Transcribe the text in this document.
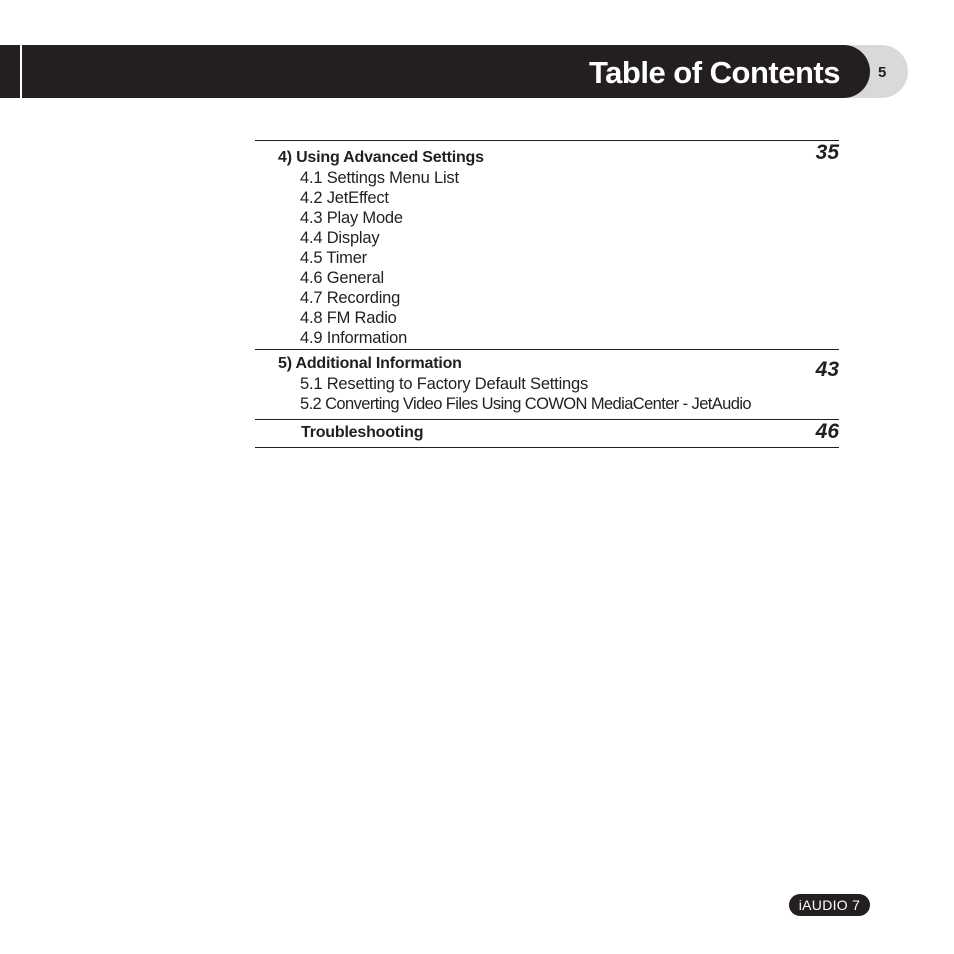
Table of Contents	5
35
4) Using Advanced Settings
4.1 Settings Menu List
4.2 JetEffect
4.3 Play Mode
4.4 Display
4.5 Timer
4.6 General
4.7 Recording
4.8 FM Radio
4.9 Information
43
5) Additional Information
5.1 Resetting to Factory Default Settings
5.2 Converting Video Files Using COWON MediaCenter - JetAudio
46
Troubleshooting
iAUDIO 7
